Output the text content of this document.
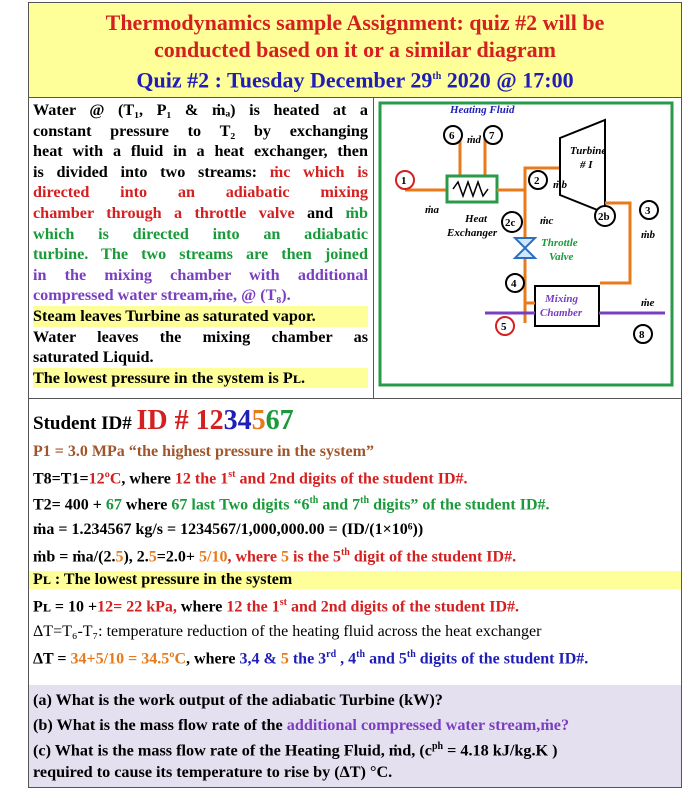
Thermodynamics sample Assignment: quiz #2 will be
conducted based on it or a similar diagram
Quiz #2 : Tuesday December 29th 2020 @ 17:00

Water @ (T₁, P₁ & ṁₐ) is heated at a

constant pressure to T₂ by exchanging

heat with a fluid in a heat exchanger, then

is divided into two streams: ṁc which is

directed into an adiabatic mixing

chamber through a throttle valve and ṁb

which is directed into an adiabatic

turbine. The two streams are then joined

in the mixing chamber with additional

compressed water stream,ṁe, @ (T₈).

Steam leaves Turbine as saturated vapor.

Water leaves the mixing chamber as

saturated Liquid.

The lowest pressure in the system is Pʟ.

Heating Fluid
ṁd
Turbine
# I
Heat
Exchanger
Throttle
Valve
Mixing
Chamber
ṁa
ṁb
ṁc
ṁb
ṁe
1	2
2b
2c
3
4
5
6	7
8
Student ID# ID # 1234567
P1 = 3.0 MPa “the highest pressure in the system”
T8=T1=12ºC, where 12 the 1st and 2nd digits of the student ID#.
T2= 400 + 67 where 67 last Two digits “6th and 7th digits” of the student ID#.
ṁa = 1.234567 kg/s = 1234567/1,000,000.00 = (ID/(1×10⁶))
ṁb = ṁa/(2.5), 2.5=2.0+ 5/10, where 5 is the 5th digit of the student ID#.
Pʟ : The lowest pressure in the system
Pʟ = 10 +12= 22 kPa, where 12 the 1st and 2nd digits of the student ID#.
ΔT=T₆-T₇: temperature reduction of the heating fluid across the heat exchanger
ΔT = 34+5/10 = 34.5ºC, where 3,4 & 5 the 3rd , 4th and 5th digits of the student ID#.
(a) What is the work output of the adiabatic Turbine (kW)?
(b) What is the mass flow rate of the additional compressed water stream,ṁe?
(c) What is the mass flow rate of the Heating Fluid, ṁd, ($c^{ph} = 4.18$ kJ/kg.K )
required to cause its temperature to rise by (ΔT) °C.
